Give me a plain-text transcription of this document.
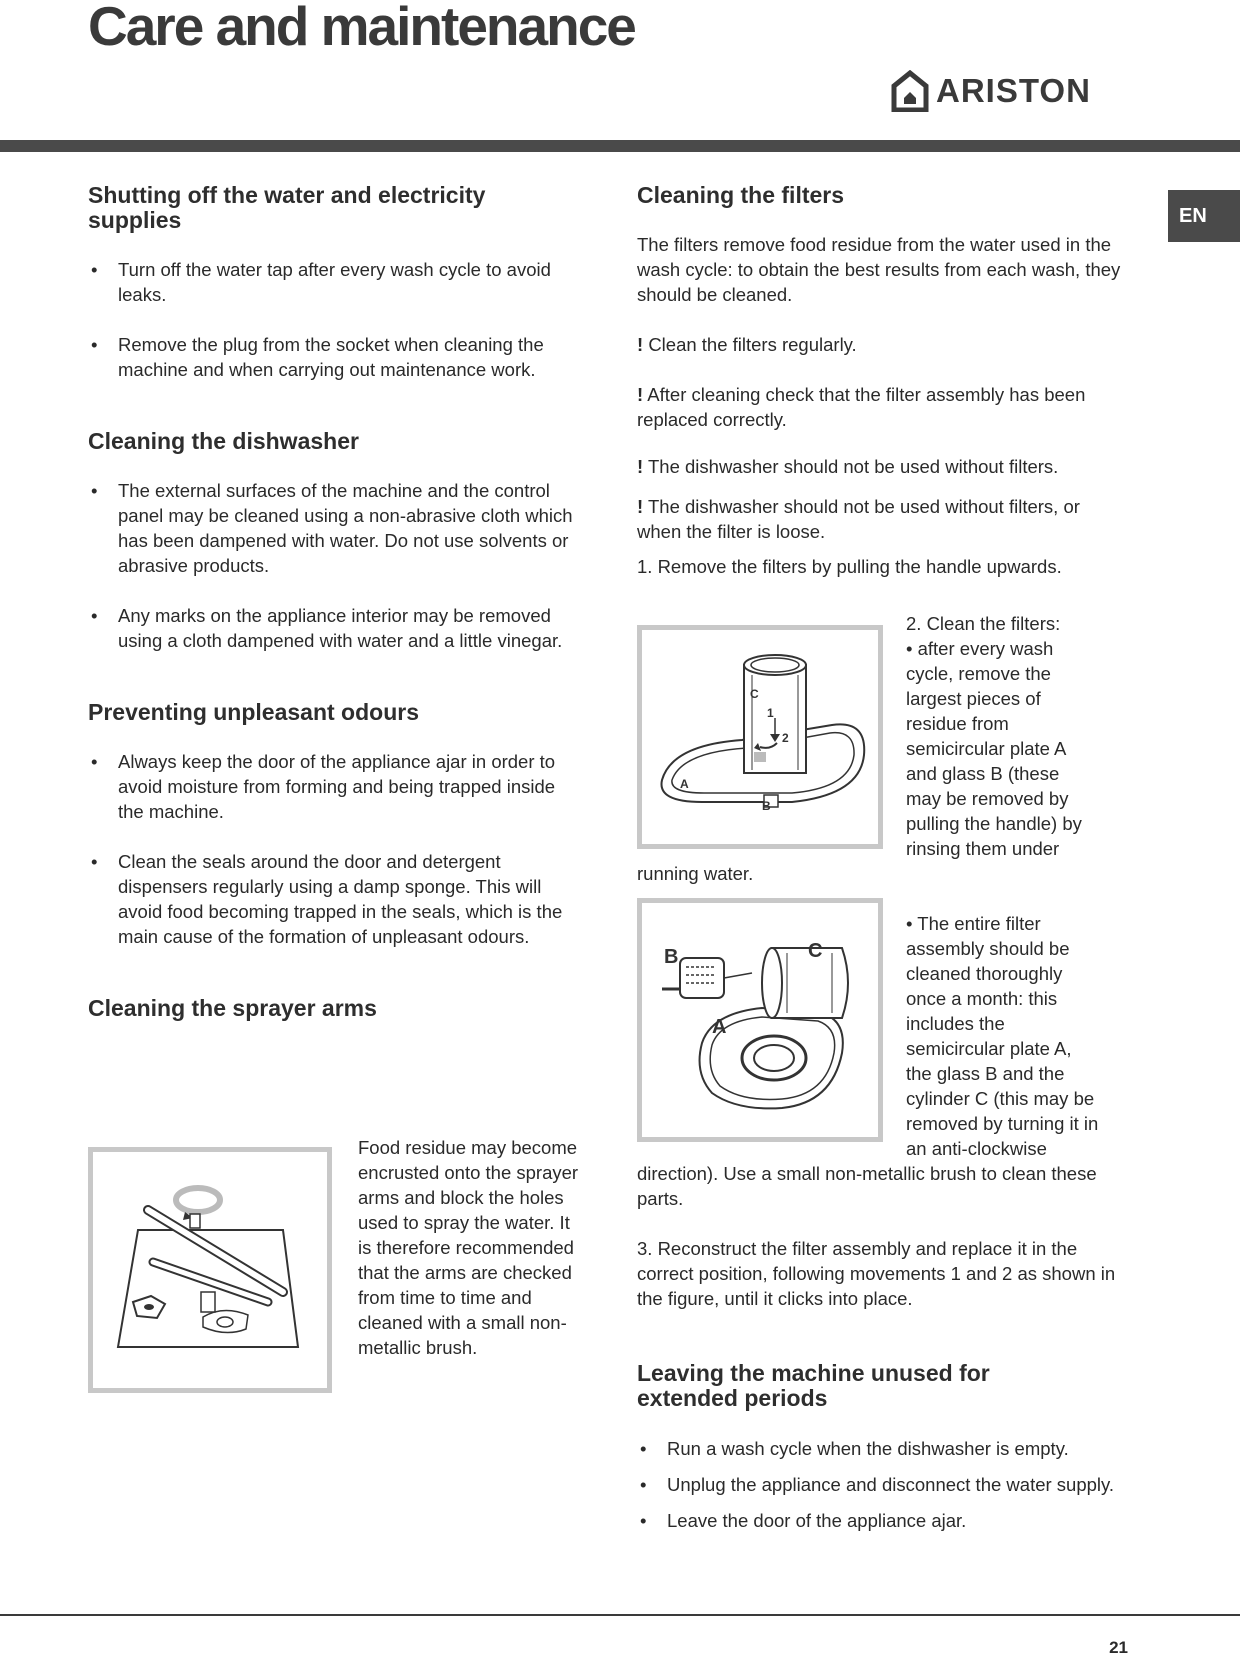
Care and maintenance
ARISTON
EN
Shutting off the water and electricity supplies
• Turn off the water tap after every wash cycle to avoid leaks.
• Remove the plug from the socket when cleaning the machine and when carrying out maintenance work.
Cleaning the dishwasher
• The external surfaces of the machine and the control panel may be cleaned using a non-abrasive cloth which has been dampened with water. Do not use solvents or abrasive products.
• Any marks on the appliance interior may be removed using a cloth dampened with water and a little vinegar.
Preventing unpleasant odours
• Always keep the door of the appliance ajar in order to avoid moisture from forming and being trapped inside the machine.
• Clean the seals around the door and detergent dispensers regularly using a damp sponge. This will avoid food becoming trapped in the seals, which is the main cause of the formation of unpleasant odours.
Cleaning the sprayer arms

Food residue may become encrusted onto the sprayer arms and block the holes used to spray the water. It is therefore recommended that the arms are checked from time to time and cleaned with a small non-metallic brush.

Cleaning the filters

The filters remove food residue from the water used in the wash cycle: to obtain the best results from each wash, they should be cleaned.

! Clean the filters regularly.

! After cleaning check that the filter assembly has been replaced correctly.

! The dishwasher should not be used without filters.

! The dishwasher should not be used without filters, or when the filter is loose.

1. Remove the filters by pulling the handle upwards.

2. Clean the filters:

• after every wash

cycle, remove the

largest pieces of

residue from

semicircular plate A

and glass B (these

may be removed by

pulling the handle) by

rinsing them under

running water.

• The entire filter

assembly should be

cleaned thoroughly

once a month: this

includes the

semicircular plate A,

the glass B and the

cylinder C (this may be

removed by turning it in

an anti-clockwise

direction). Use a small non-metallic brush to clean these parts.

3. Reconstruct the filter assembly and replace it in the correct position, following movements 1 and 2 as shown in the figure, until it clicks into place.

Leaving the machine unused for extended periods
• Run a wash cycle when the dishwasher is empty.
• Unplug the appliance and disconnect the water supply.
• Leave the door of the appliance ajar.
C
1
2
A
B
B	C
A
21
